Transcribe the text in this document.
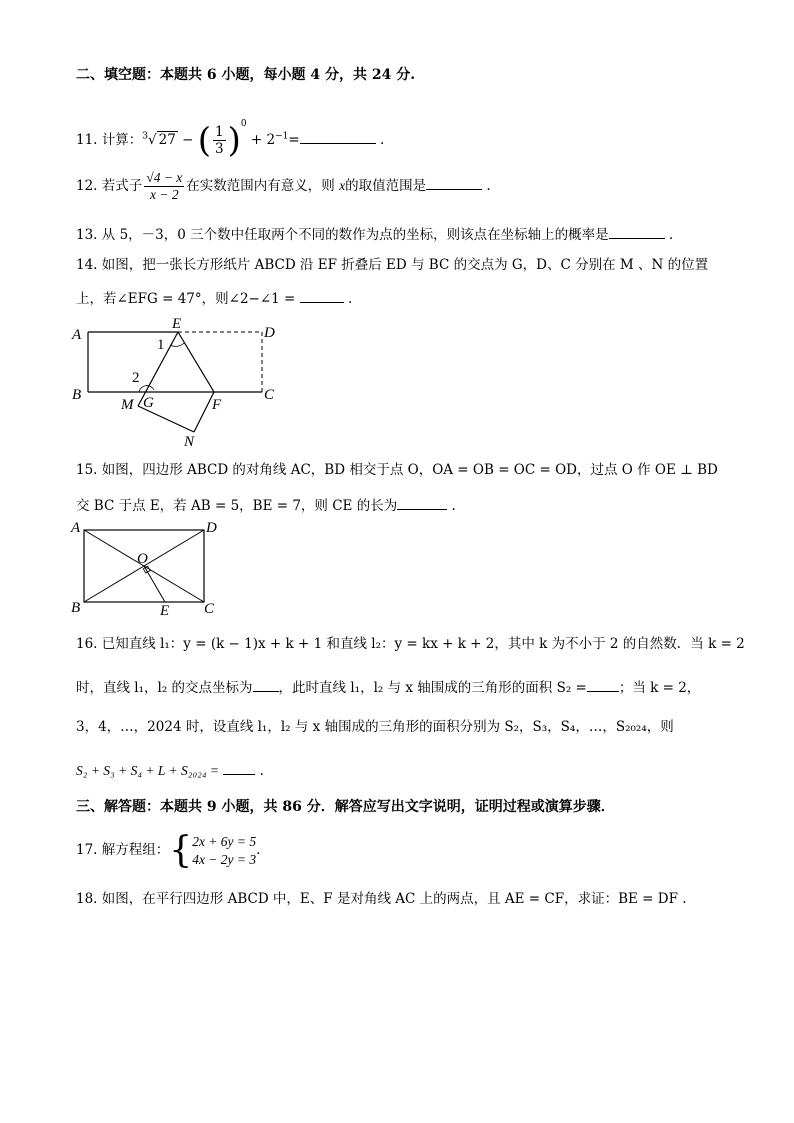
二、填空题：本题共 6 小题，每小题 4 分，共 24 分.
11. 计算：$^3$√ 27 − ( $\frac{1}{3} )^0 + 2^{-1}=$	.
12. 若式子 $\frac{√4 - x}{x - 2}$ 在实数范围内有意义，则 x的取值范围是	.
13. 从 5，－3，0 三个数中任取两个不同的数作为点的坐标，则该点在坐标轴上的概率是	.
14. 如图，把一张长方形纸片 ABCD 沿 EF 折叠后 ED 与 BC 的交点为 G，D、C 分别在 M 、N 的位置
上，若∠EFG = 47°，则∠2−∠1 =	.
A
B	C
D
E
F
G
M
N
1
2
15. 如图，四边形 ABCD 的对角线 AC，BD 相交于点 O，OA = OB = OC = OD，过点 O 作 OE ⊥ BD
交 BC 于点 E，若 AB = 5，BE = 7，则 CE 的长为	.
A
B	C
D
O
E
16. 已知直线 l₁：y = (k − 1)x + k + 1 和直线 l₂：y = kx + k + 2，其中 k 为不小于 2 的自然数．当 k = 2
时，直线 l₁，l₂ 的交点坐标为 ，此时直线 l₁，l₂ 与 x 轴围成的三角形的面积 S₂ = ；当 k = 2，
3，4，…，2024 时，设直线 l₁，l₂ 与 x 轴围成的三角形的面积分别为 S₂，S₃，S₄，…，S₂₀₂₄，则
S₂ + S₃ + S₄ + L + S₂₀₂₄ =	.
三、解答题：本题共 9 小题，共 86 分．解答应写出文字说明，证明过程或演算步骤．
17. 解方程组：{ 2x + 6y = 5
4x − 2y = 3
.
18. 如图，在平行四边形 ABCD 中，E、F 是对角线 AC 上的两点，且 AE = CF，求证：BE = DF .
